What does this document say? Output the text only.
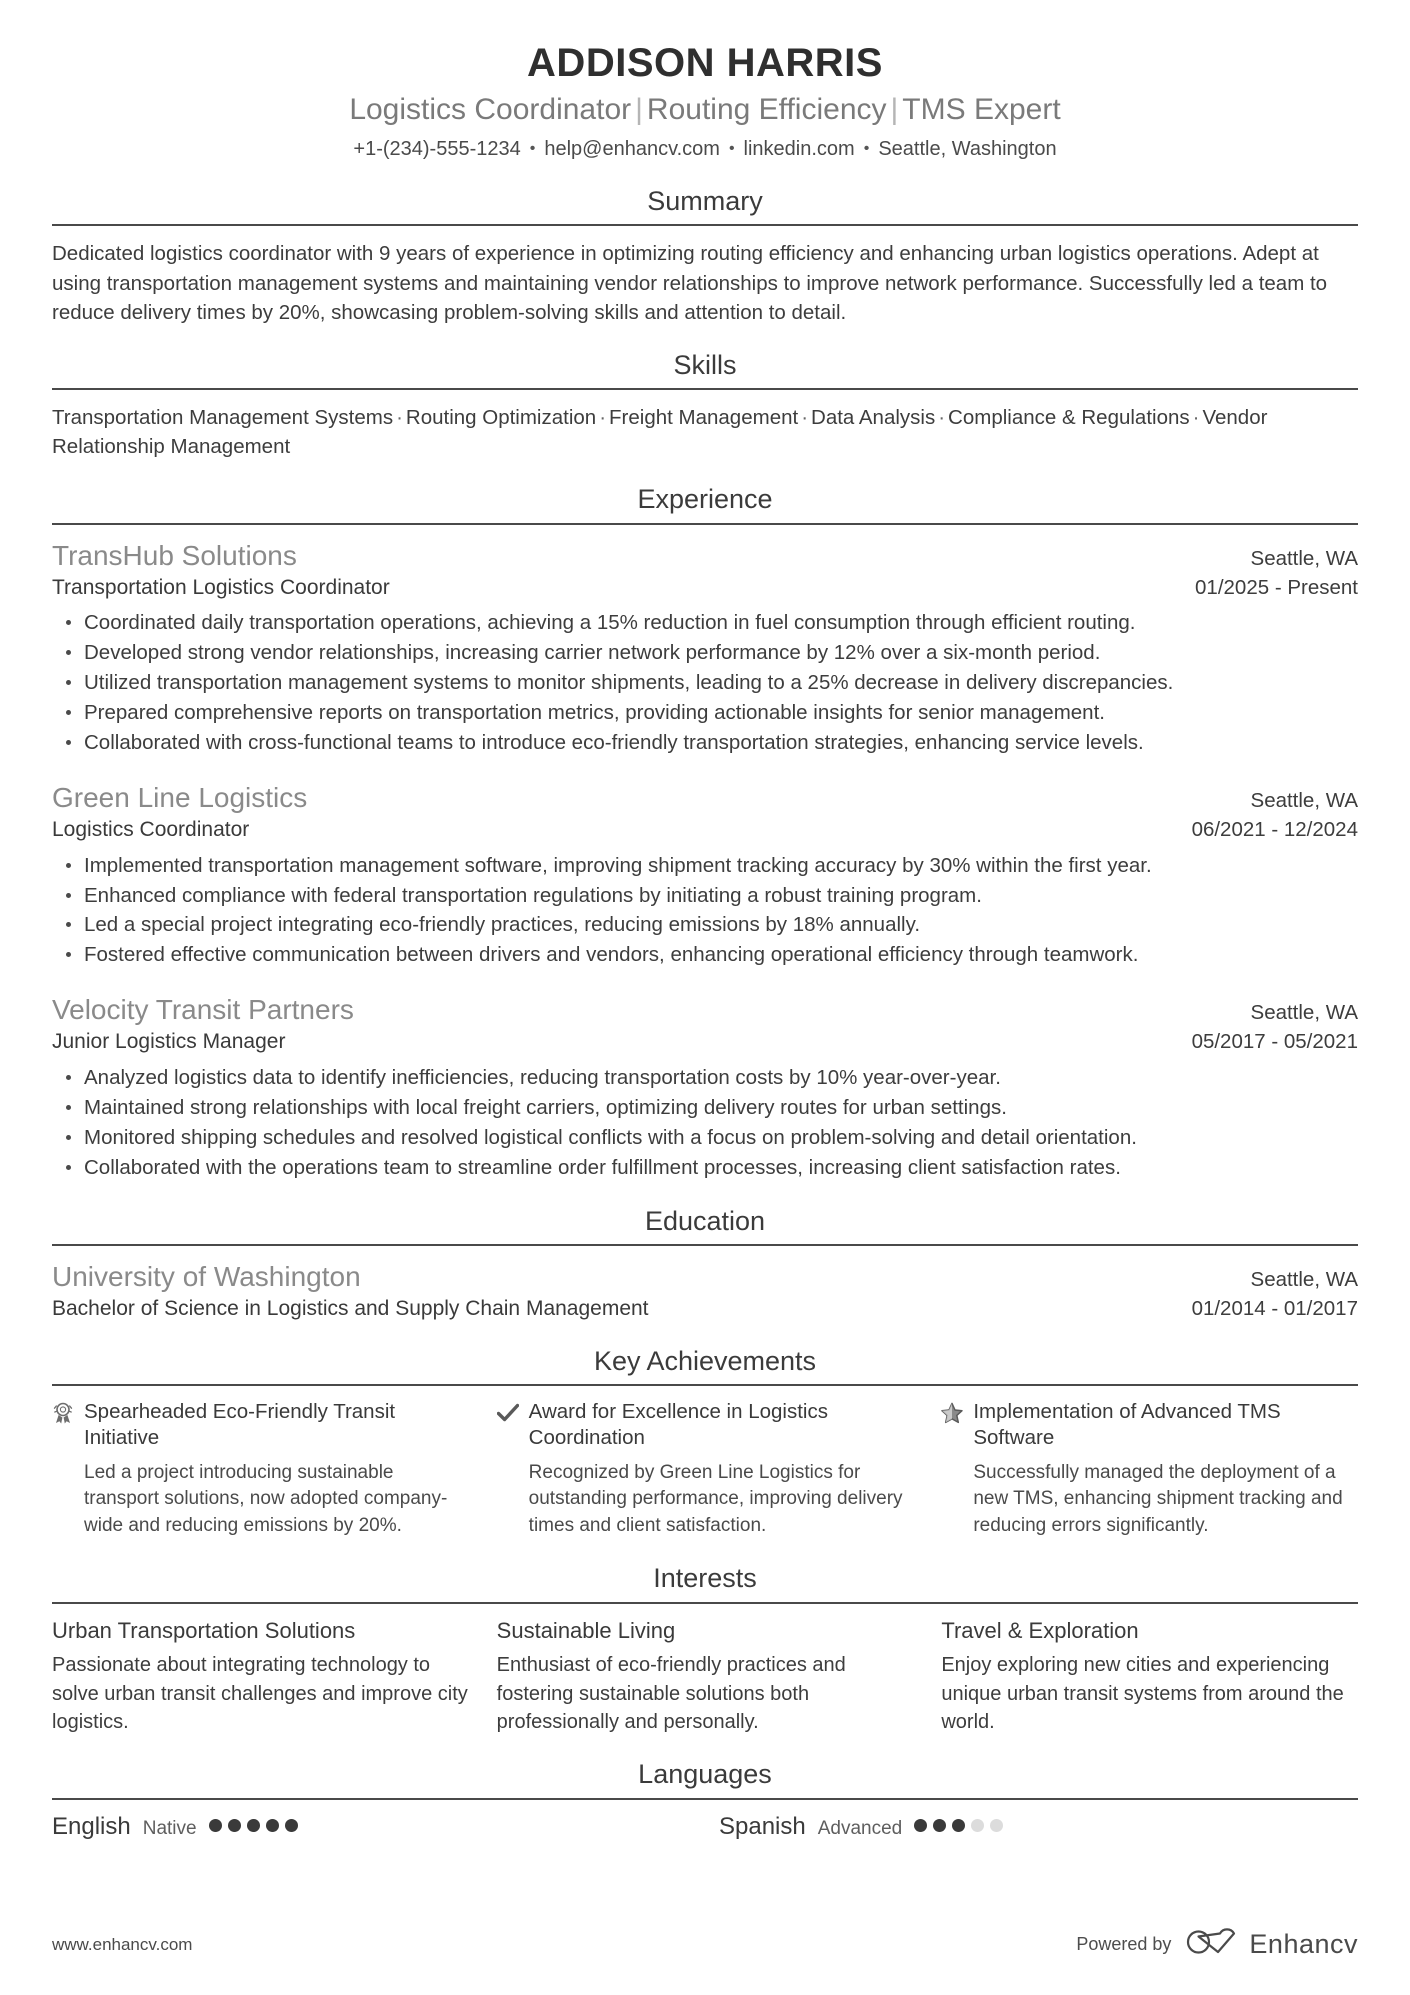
ADDISON HARRIS
Logistics Coordinator | Routing Efficiency | TMS Expert
+1-(234)-555-1234 • help@enhancv.com • linkedin.com • Seattle, Washington
Summary
Dedicated logistics coordinator with 9 years of experience in optimizing routing efficiency and enhancing urban logistics operations. Adept at using transportation management systems and maintaining vendor relationships to improve network performance. Successfully led a team to reduce delivery times by 20%, showcasing problem-solving skills and attention to detail.
Skills
Transportation Management Systems · Routing Optimization · Freight Management · Data Analysis · Compliance & Regulations · Vendor Relationship Management
Experience
TransHub Solutions	Seattle, WA
Transportation Logistics Coordinator	01/2025 - Present
Coordinated daily transportation operations, achieving a 15% reduction in fuel consumption through efficient routing.
Developed strong vendor relationships, increasing carrier network performance by 12% over a six-month period.
Utilized transportation management systems to monitor shipments, leading to a 25% decrease in delivery discrepancies.
Prepared comprehensive reports on transportation metrics, providing actionable insights for senior management.
Collaborated with cross-functional teams to introduce eco-friendly transportation strategies, enhancing service levels.
Green Line Logistics	Seattle, WA
Logistics Coordinator	06/2021 - 12/2024
Implemented transportation management software, improving shipment tracking accuracy by 30% within the first year.
Enhanced compliance with federal transportation regulations by initiating a robust training program.
Led a special project integrating eco-friendly practices, reducing emissions by 18% annually.
Fostered effective communication between drivers and vendors, enhancing operational efficiency through teamwork.
Velocity Transit Partners	Seattle, WA
Junior Logistics Manager	05/2017 - 05/2021
Analyzed logistics data to identify inefficiencies, reducing transportation costs by 10% year-over-year.
Maintained strong relationships with local freight carriers, optimizing delivery routes for urban settings.
Monitored shipping schedules and resolved logistical conflicts with a focus on problem-solving and detail orientation.
Collaborated with the operations team to streamline order fulfillment processes, increasing client satisfaction rates.
Education
University of Washington	Seattle, WA
Bachelor of Science in Logistics and Supply Chain Management	01/2014 - 01/2017
Key Achievements
Spearheaded Eco-Friendly Transit Initiative
Led a project introducing sustainable transport solutions, now adopted company-wide and reducing emissions by 20%.
Award for Excellence in Logistics Coordination
Recognized by Green Line Logistics for outstanding performance, improving delivery times and client satisfaction.
Implementation of Advanced TMS Software
Successfully managed the deployment of a new TMS, enhancing shipment tracking and reducing errors significantly.
Interests
Urban Transportation Solutions
Passionate about integrating technology to solve urban transit challenges and improve city logistics.
Sustainable Living
Enthusiast of eco-friendly practices and fostering sustainable solutions both professionally and personally.
Travel & Exploration
Enjoy exploring new cities and experiencing unique urban transit systems from around the world.
Languages
English Native	Spanish Advanced
www.enhancv.com	Powered by	Enhancv
